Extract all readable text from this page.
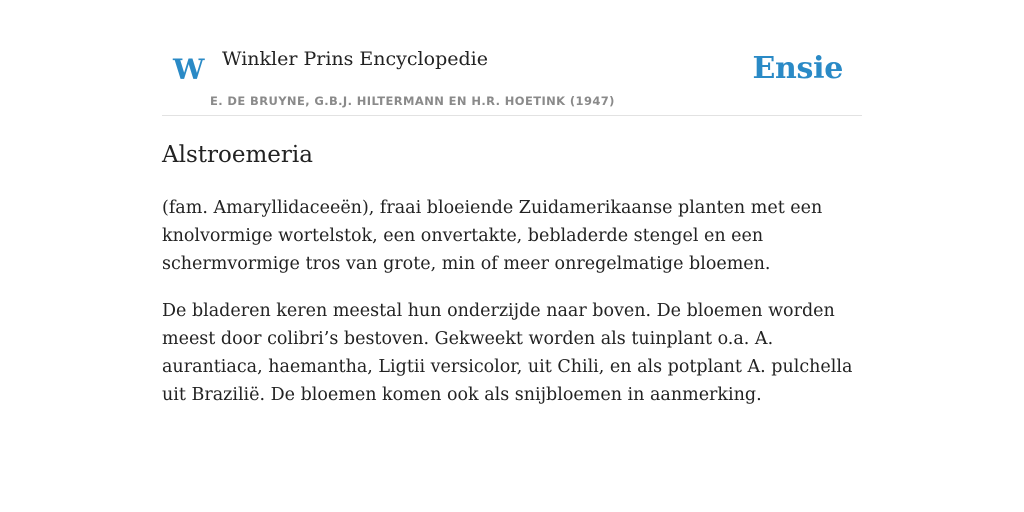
W Winkler Prins Encyclopedie
E. DE BRUYNE, G.B.J. HILTERMANN EN H.R. HOETINK (1947)
Ensie
Alstroemeria

(fam. Amaryllidaceeën), fraai bloeiende Zuidamerikaanse planten met een knolvormige wortelstok, een onvertakte, bebladerde stengel en een schermvormige tros van grote, min of meer onregelmatige bloemen.

De bladeren keren meestal hun onderzijde naar boven. De bloemen worden meest door colibri’s bestoven. Gekweekt worden als tuinplant o.a. A. aurantiaca, haemantha, Ligtii versicolor, uit Chili, en als potplant A. pulchella uit Brazilië. De bloemen komen ook als snijbloemen in aanmerking.
